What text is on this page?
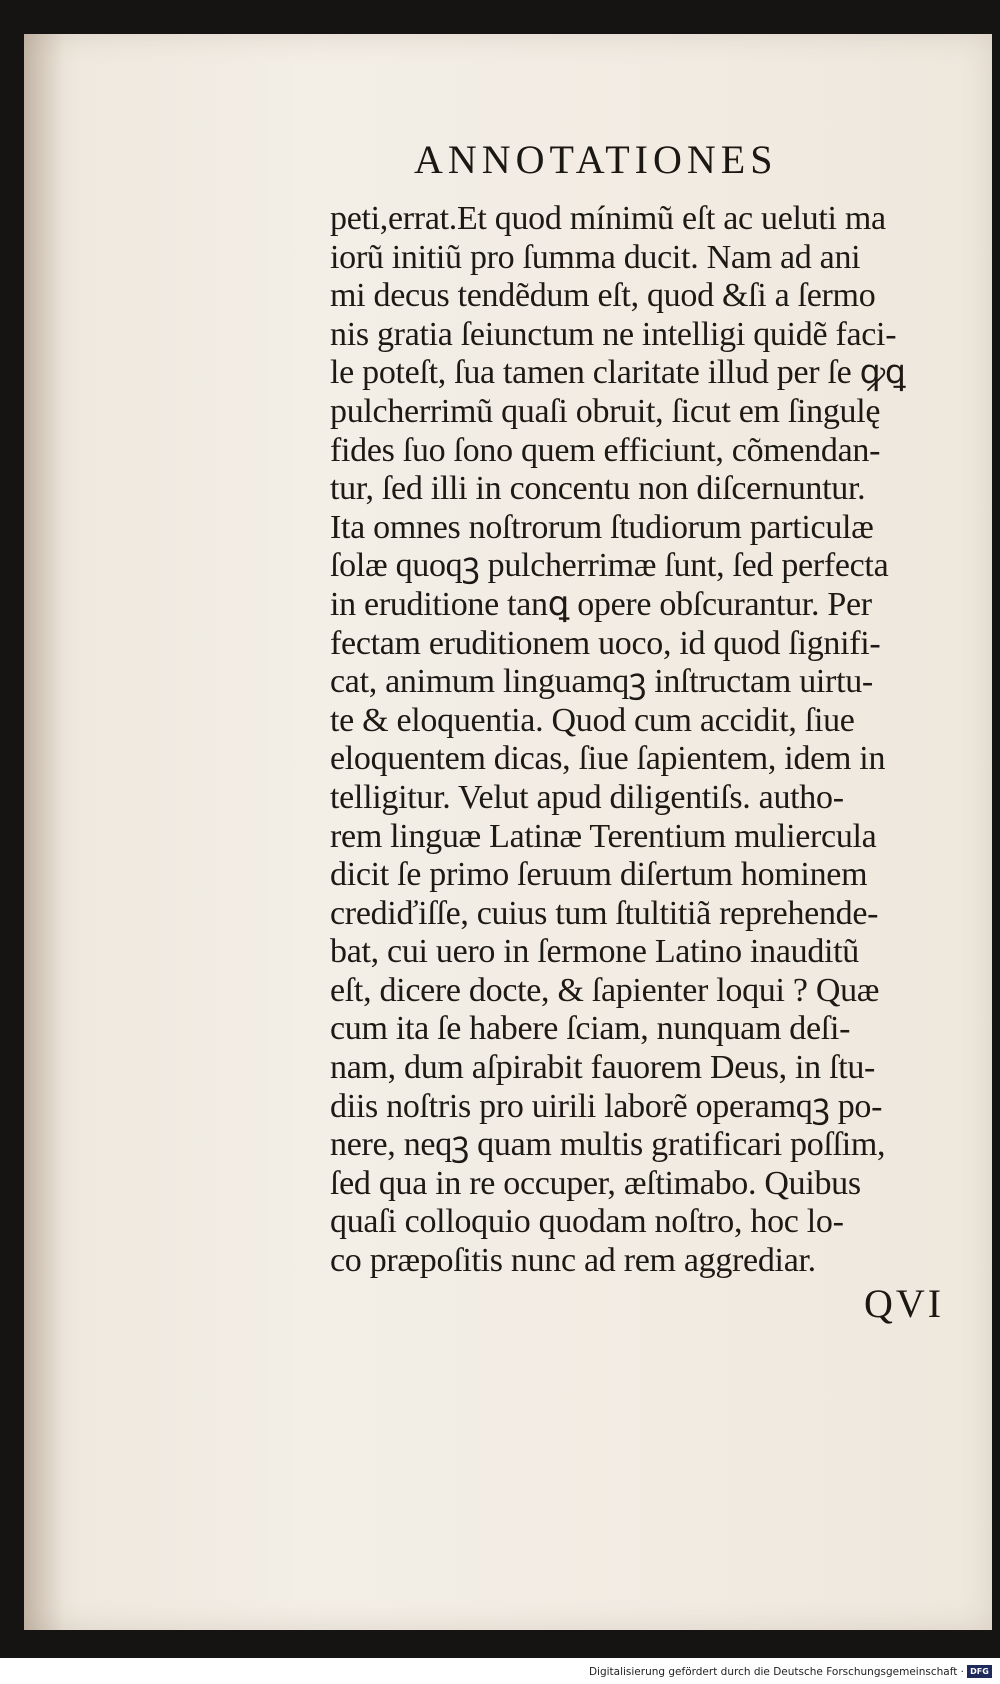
ANNOTATIONES
peti,errat.Et quod mínimũ eſt ac ueluti ma
iorũ initiũ pro ſumma ducit. Nam ad ani
mi decus tendẽdum eſt, quod &ſi a ſermo
nis gratia ſeiunctum ne intelligi quidẽ faci-
le poteſt, ſua tamen claritate illud per ſe ꝙꝗ
pulcherrimũ quaſi obruit, ſicut em ſingulę
fides ſuo ſono quem efficiunt, cõmendan-
tur, ſed illi in concentu non diſcernuntur.
Ita omnes noſtrorum ſtudiorum particulæ
ſolæ quoqꝫ pulcherrimæ ſunt, ſed perfecta
in eruditione tanꝗ opere obſcurantur. Per
fectam eruditionem uoco, id quod ſignifi-
cat, animum linguamqꝫ inſtructam uirtu-
te & eloquentia. Quod cum accidit, ſiue
eloquentem dicas, ſiue ſapientem, idem in
telligitur. Velut apud diligentiſs. autho-
rem linguæ Latinæ Terentium muliercula
dicit ſe primo ſeruum diſertum hominem
crediďiſſe, cuius tum ſtultitiã reprehende-
bat, cui uero in ſermone Latino inauditũ
eſt, dicere docte, & ſapienter loqui ? Quæ
cum ita ſe habere ſciam, nunquam deſi-
nam, dum aſpirabit fauorem Deus, in ſtu-
diis noſtris pro uirili laborẽ operamqꝫ po-
nere, neqꝫ quam multis gratificari poſſim,
ſed qua in re occuper, æſtimabo. Quibus
quaſi colloquio quodam noſtro, hoc lo-
co præpoſitis nunc ad rem aggrediar.
QVI
Digitalisierung gefördert durch die Deutsche Forschungsgemeinschaft · DFG
